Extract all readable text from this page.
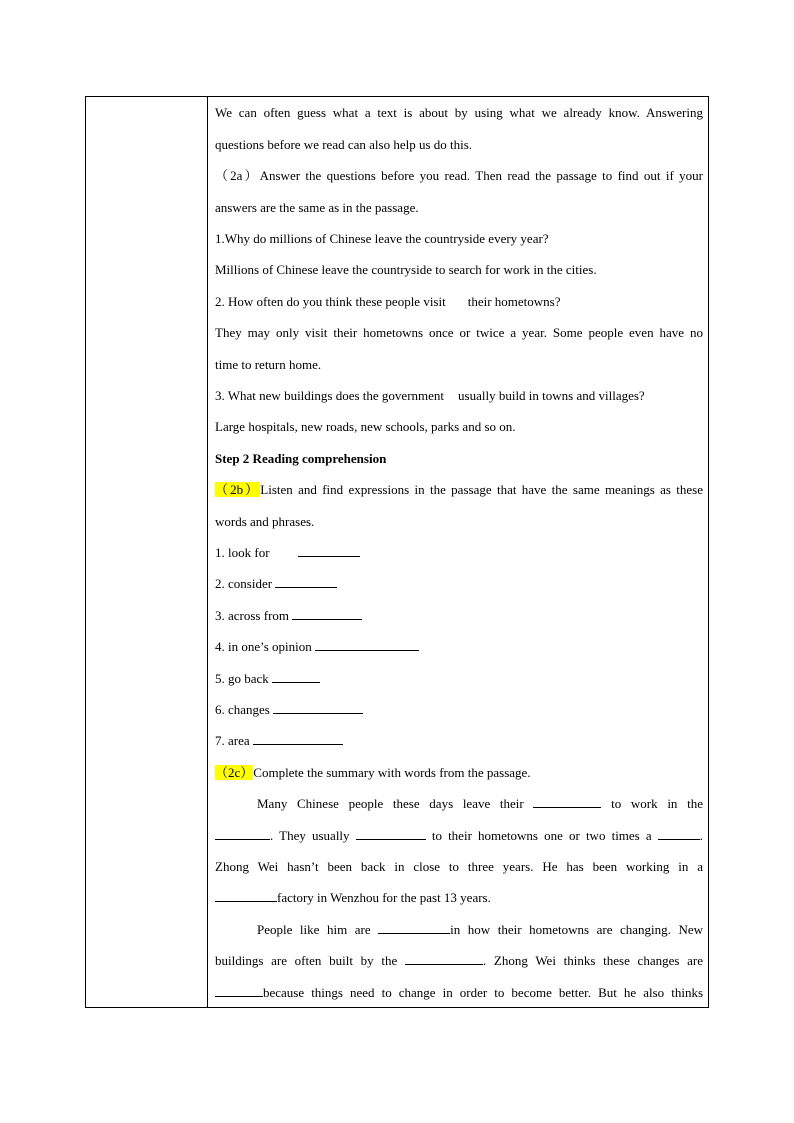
We can often guess what a text is about by using what we already know. Answering
questions before we read can also help us do this.
（2a）Answer the questions before you read. Then read the passage to find out if your
answers are the same as in the passage.
1.Why do millions of Chinese leave the countryside every year?
Millions of Chinese leave the countryside to search for work in the cities.
2. How often do you think these people visit their hometowns?
They may only visit their hometowns once or twice a year. Some people even have no
time to return home.
3. What new buildings does the government usually build in towns and villages?
Large hospitals, new roads, new schools, parks and so on.
Step 2 Reading comprehension
（2b）Listen and find expressions in the passage that have the same meanings as these
words and phrases.
1. look for
2. consider
3. across from
4. in one’s opinion
5. go back
6. changes
7. area
（2c）Complete the summary with words from the passage.
Many Chinese people these days leave their	to work in the
. They usually	to their hometowns one or two times a	.
Zhong Wei hasn’t been back in close to three years. He has been working in a
factory in Wenzhou for the past 13 years.
People like him are	in how their hometowns are changing. New
buildings are often built by the	. Zhong Wei thinks these changes are
because things need to change in order to become better. But he also thinks
